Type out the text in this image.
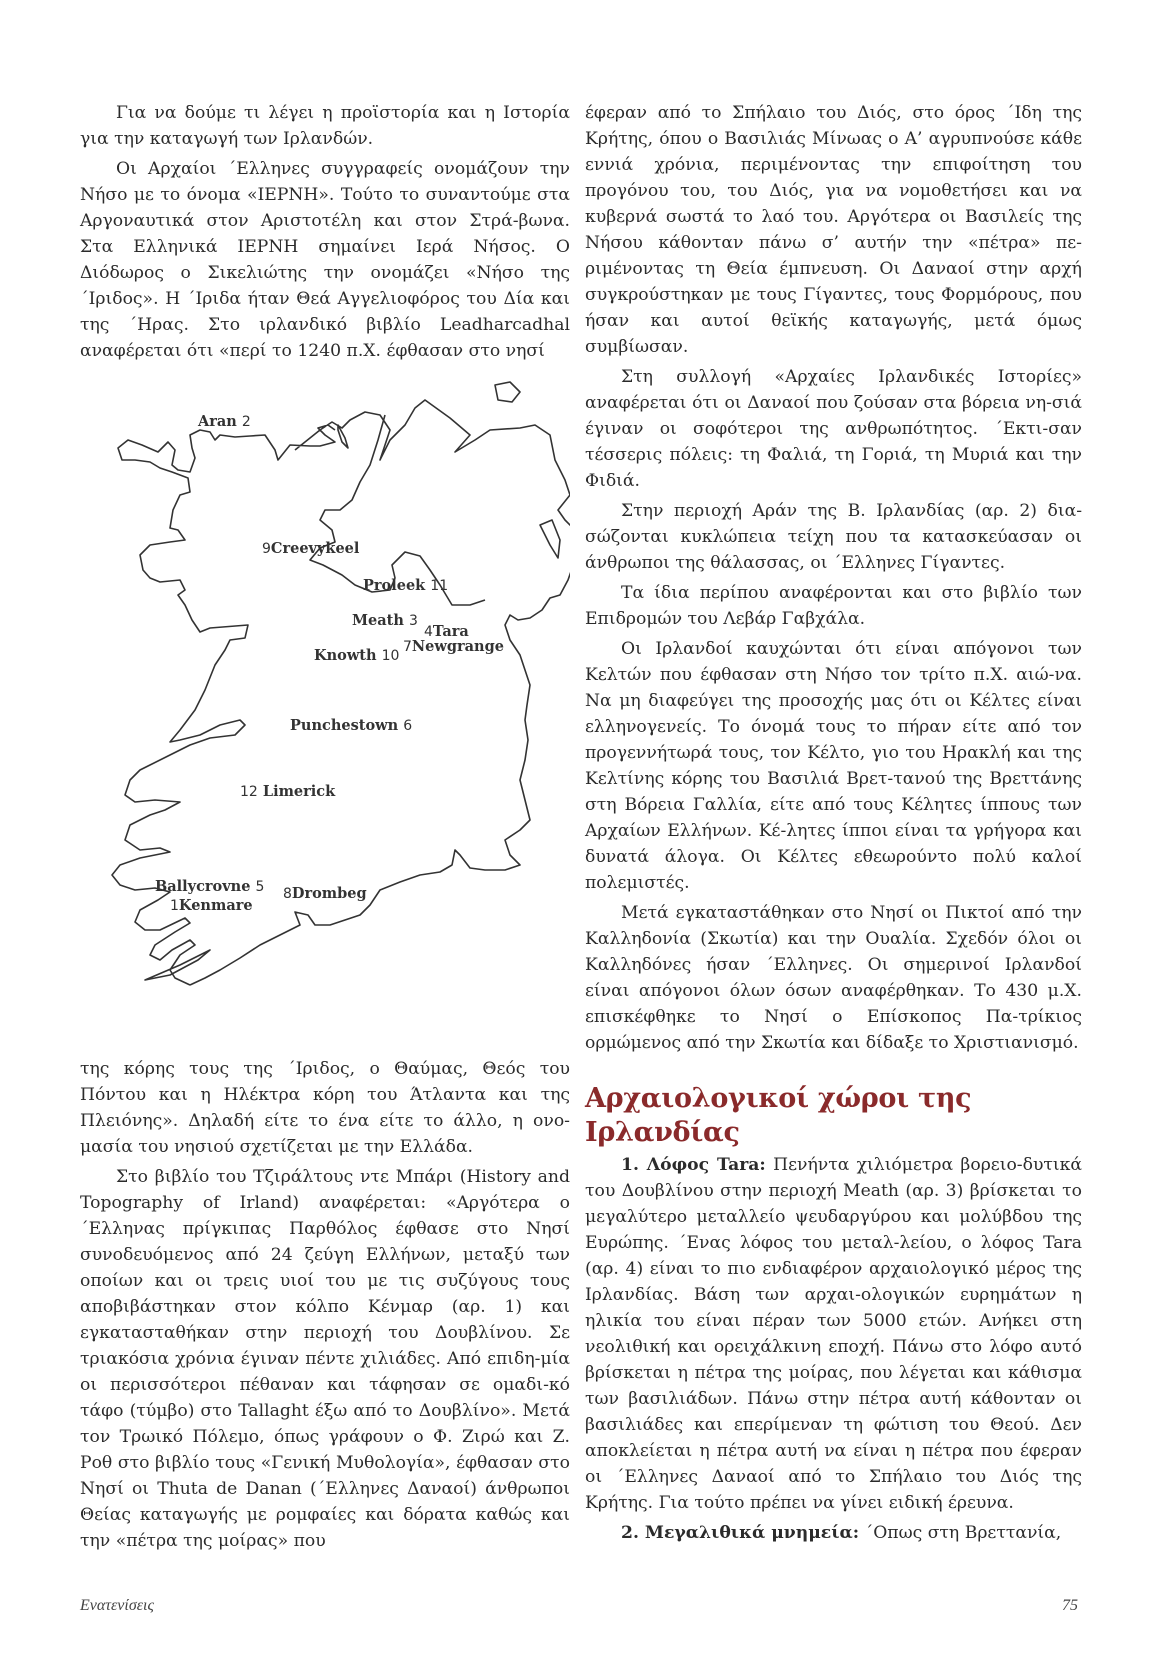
Για να δούμε τι λέγει η προϊστορία και η Ιστορία για την καταγωγή των Ιρλανδών.

Οι Αρχαίοι ΄Ελληνες συγγραφείς ονομάζουν την Νήσο με το όνομα «ΙΕΡΝΗ». Τούτο το συναντούμε στα Αργοναυτικά στον Αριστοτέλη και στον Στρά-βωνα. Στα Ελληνικά ΙΕΡΝΗ σημαίνει Ιερά Νήσος. Ο Διόδωρος ο Σικελιώτης την ονομάζει «Νήσο της ΄Ιριδος». Η ΄Ιριδα ήταν Θεά Αγγελιοφόρος του Δία και της ΄Ηρας. Στο ιρλανδικό βιβλίο Leadharcadhal αναφέρεται ότι «περί το 1240 π.Χ. έφθασαν στο νησί

της κόρης τους της ΄Ιριδος, ο Θαύμας, Θεός του Πόντου και η Ηλέκτρα κόρη του Άτλαντα και της Πλειόνης». Δηλαδή είτε το ένα είτε το άλλο, η ονο-μασία του νησιού σχετίζεται με την Ελλάδα.

Στο βιβλίο του Τζιράλτους ντε Μπάρι (History and Topography of Irland) αναφέρεται: «Αργότερα ο ΄Ελληνας πρίγκιπας Παρθόλος έφθασε στο Νησί συνοδευόμενος από 24 ζεύγη Ελλήνων, μεταξύ των οποίων και οι τρεις υιοί του με τις συζύγους τους αποβιβάστηκαν στον κόλπο Κένμαρ (αρ. 1) και εγκατασταθήκαν στην περιοχή του Δουβλίνου. Σε τριακόσια χρόνια έγιναν πέντε χιλιάδες. Από επιδη-μία οι περισσότεροι πέθαναν και τάφησαν σε ομαδι-κό τάφο (τύμβο) στο Tallaght έξω από το Δουβλίνο». Μετά τον Τρωικό Πόλεμο, όπως γράφουν ο Φ. Ζιρώ και Ζ. Ροθ στο βιβλίο τους «Γενική Μυθολογία», έφθασαν στο Νησί οι Thuta de Danan (΄Ελληνες Δαναοί) άνθρωποι Θείας καταγωγής με ρομφαίες και δόρατα καθώς και την «πέτρα της μοίρας» που

Aran 2
9Creevykeel
Proleek 11
Meath 3
4Tara
7Newgrange
Knowth 10
Punchestown 6
12 Limerick
Ballycrovne 5
1Kenmare
8Drombeg

έφεραν από το Σπήλαιο του Διός, στο όρος ΄Ιδη της Κρήτης, όπου ο Βασιλιάς Μίνωας ο Α’ αγρυπνούσε κάθε εννιά χρόνια, περιμένοντας την επιφοίτηση του προγόνου του, του Διός, για να νομοθετήσει και να κυβερνά σωστά το λαό του. Αργότερα οι Βασιλείς της Νήσου κάθονταν πάνω σ’ αυτήν την «πέτρα» πε-ριμένοντας τη Θεία έμπνευση. Οι Δαναοί στην αρχή συγκρούστηκαν με τους Γίγαντες, τους Φορμόρους, που ήσαν και αυτοί θεϊκής καταγωγής, μετά όμως συμβίωσαν.

Στη συλλογή «Αρχαίες Ιρλανδικές Ιστορίες» αναφέρεται ότι οι Δαναοί που ζούσαν στα βόρεια νη-σιά έγιναν οι σοφότεροι της ανθρωπότητος. ΄Εκτι-σαν τέσσερις πόλεις: τη Φαλιά, τη Γοριά, τη Μυριά και την Φιδιά.

Στην περιοχή Αράν της Β. Ιρλανδίας (αρ. 2) δια-σώζονται κυκλώπεια τείχη που τα κατασκεύασαν οι άνθρωποι της θάλασσας, οι ΄Ελληνες Γίγαντες.

Τα ίδια περίπου αναφέρονται και στο βιβλίο των Επιδρομών του Λεβάρ Γαβχάλα.

Οι Ιρλανδοί καυχώνται ότι είναι απόγονοι των Κελτών που έφθασαν στη Νήσο τον τρίτο π.Χ. αιώ-να. Να μη διαφεύγει της προσοχής μας ότι οι Κέλτες είναι ελληνογενείς. Το όνομά τους το πήραν είτε από τον προγεννήτωρά τους, τον Κέλτο, γιο του Ηρακλή και της Κελτίνης κόρης του Βασιλιά Βρετ-τανού της Βρεττάνης στη Βόρεια Γαλλία, είτε από τους Κέλητες ίππους των Αρχαίων Ελλήνων. Κέ-λητες ίπποι είναι τα γρήγορα και δυνατά άλογα. Οι Κέλτες εθεωρούντο πολύ καλοί πολεμιστές.

Μετά εγκαταστάθηκαν στο Νησί οι Πικτοί από την Καλληδονία (Σκωτία) και την Ουαλία. Σχεδόν όλοι οι Καλληδόνες ήσαν ΄Ελληνες. Οι σημερινοί Ιρλανδοί είναι απόγονοι όλων όσων αναφέρθηκαν. Το 430 μ.Χ. επισκέφθηκε το Νησί ο Επίσκοπος Πα-τρίκιος ορμώμενος από την Σκωτία και δίδαξε το Χριστιανισμό.

Αρχαιολογικοί χώροι της Ιρλανδίας

1. Λόφος Tara: Πενήντα χιλιόμετρα βορειο-δυτικά του Δουβλίνου στην περιοχή Meath (αρ. 3) βρίσκεται το μεγαλύτερο μεταλλείο ψευδαργύρου και μολύβδου της Ευρώπης. ΄Ενας λόφος του μεταλ-λείου, ο λόφος Tara (αρ. 4) είναι το πιο ενδιαφέρον αρχαιολογικό μέρος της Ιρλανδίας. Βάση των αρχαι-ολογικών ευρημάτων η ηλικία του είναι πέραν των 5000 ετών. Ανήκει στη νεολιθική και ορειχάλκινη εποχή. Πάνω στο λόφο αυτό βρίσκεται η πέτρα της μοίρας, που λέγεται και κάθισμα των βασιλιάδων. Πάνω στην πέτρα αυτή κάθονταν οι βασιλιάδες και επερίμεναν τη φώτιση του Θεού. Δεν αποκλείεται η πέτρα αυτή να είναι η πέτρα που έφεραν οι ΄Ελληνες Δαναοί από το Σπήλαιο του Διός της Κρήτης. Για τούτο πρέπει να γίνει ειδική έρευνα.

2. Μεγαλιθικά μνημεία: ΄Οπως στη Βρεττανία,

Ενατενίσεις	75
